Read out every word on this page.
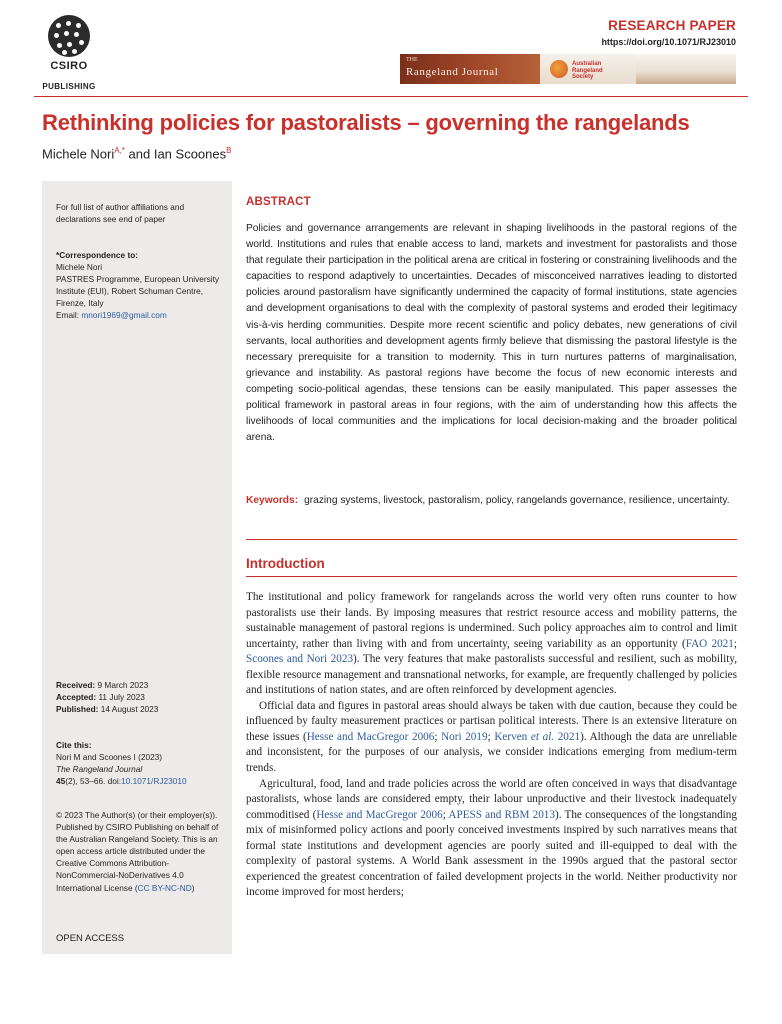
CSIRO
PUBLISHING
RESEARCH PAPER
https://doi.org/10.1071/RJ23010
THE
Rangeland Journal
Australian
Rangeland
Society
Rethinking policies for pastoralists – governing the rangelands
Michele Nori$^{A,*}$ and Ian Scoones$^B$
For full list of author affiliations and declarations see end of paper
*Correspondence to:
Michele Nori
PASTRES Programme, European University Institute (EUI), Robert Schuman Centre, Firenze, Italy
Email: mnori1969@gmail.com
Received: 9 March 2023
Accepted: 11 July 2023
Published: 14 August 2023
Cite this:
Nori M and Scoones I (2023)
The Rangeland Journal
45(2), 53–66. doi:10.1071/RJ23010
© 2023 The Author(s) (or their employer(s)). Published by CSIRO Publishing on behalf of the Australian Rangeland Society. This is an open access article distributed under the Creative Commons Attribution-NonCommercial-NoDerivatives 4.0 International License (CC BY-NC-ND)
OPEN ACCESS
ABSTRACT

Policies and governance arrangements are relevant in shaping livelihoods in the pastoral regions of the world. Institutions and rules that enable access to land, markets and investment for pastoralists and those that regulate their participation in the political arena are critical in fostering or constraining livelihoods and the capacities to respond adaptively to uncertainties. Decades of misconceived narratives leading to distorted policies around pastoralism have significantly undermined the capacity of formal institutions, state agencies and development organisations to deal with the complexity of pastoral systems and eroded their legitimacy vis-à-vis herding communities. Despite more recent scientific and policy debates, new generations of civil servants, local authorities and development agents firmly believe that dismissing the pastoral lifestyle is the necessary prerequisite for a transition to modernity. This in turn nurtures patterns of marginalisation, grievance and instability. As pastoral regions have become the focus of new economic interests and competing socio-political agendas, these tensions can be easily manipulated. This paper assesses the political framework in pastoral areas in four regions, with the aim of understanding how this affects the livelihoods of local communities and the implications for local decision-making and the broader political arena.

Keywords: grazing systems, livestock, pastoralism, policy, rangelands governance, resilience, uncertainty.
Introduction

The institutional and policy framework for rangelands across the world very often runs counter to how pastoralists use their lands. By imposing measures that restrict resource access and mobility patterns, the sustainable management of pastoral regions is undermined. Such policy approaches aim to control and limit uncertainty, rather than living with and from uncertainty, seeing variability as an opportunity (FAO 2021; Scoones and Nori 2023). The very features that make pastoralists successful and resilient, such as mobility, flexible resource management and transnational networks, for example, are frequently challenged by policies and institutions of nation states, and are often reinforced by development agencies.

Official data and figures in pastoral areas should always be taken with due caution, because they could be influenced by faulty measurement practices or partisan political interests. There is an extensive literature on these issues (Hesse and MacGregor 2006; Nori 2019; Kerven et al. 2021). Although the data are unreliable and inconsistent, for the purposes of our analysis, we consider indications emerging from medium-term trends.

Agricultural, food, land and trade policies across the world are often conceived in ways that disadvantage pastoralists, whose lands are considered empty, their labour unproductive and their livestock inadequately commoditised (Hesse and MacGregor 2006; APESS and RBM 2013). The consequences of the longstanding mix of misinformed policy actions and poorly conceived investments inspired by such narratives means that formal state institutions and development agencies are poorly suited and ill-equipped to deal with the complexity of pastoral systems. A World Bank assessment in the 1990s argued that the pastoral sector experienced the greatest concentration of failed development projects in the world. Neither productivity nor income improved for most herders;
